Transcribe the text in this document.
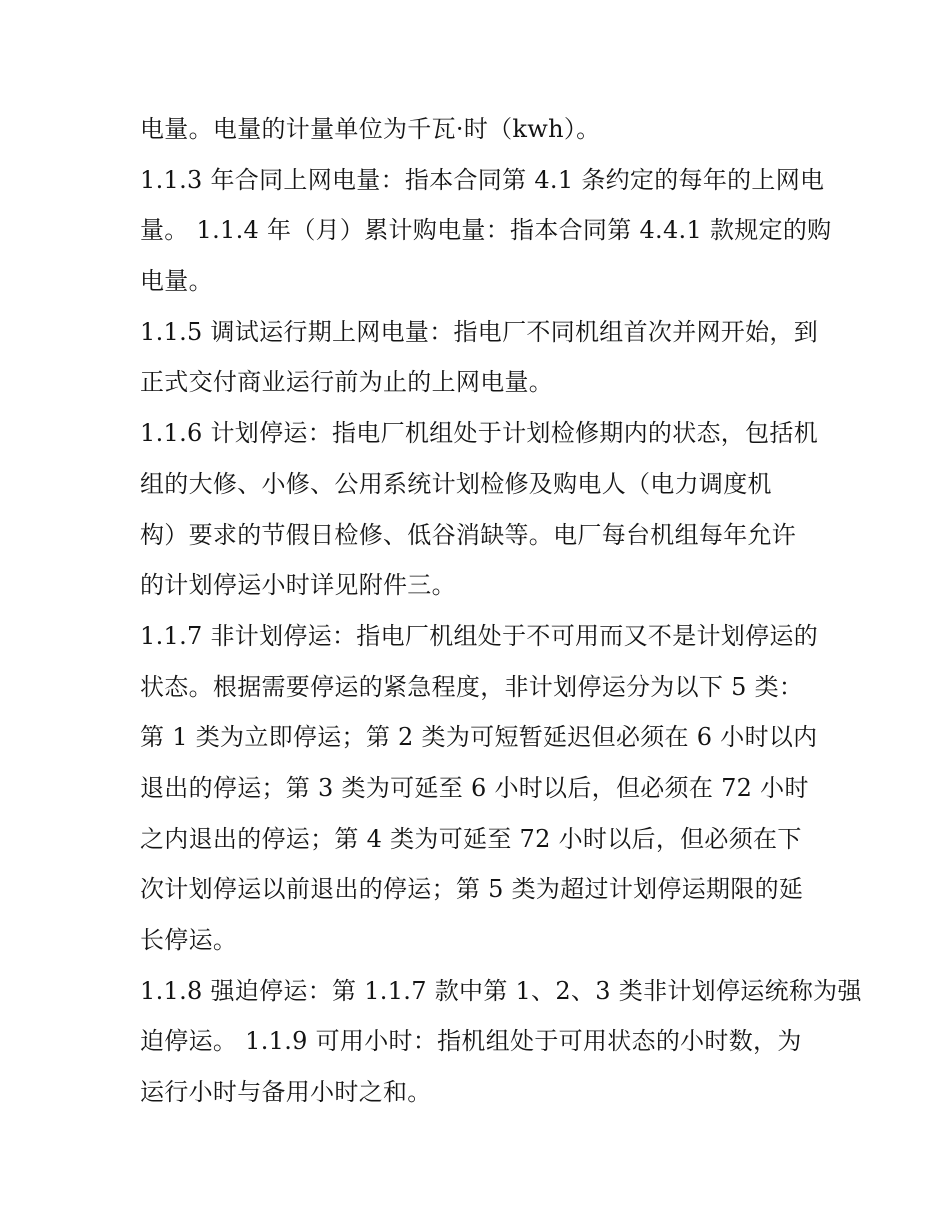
电量。电量的计量单位为千瓦·时（kwh）。
1.1.3 年合同上网电量：指本合同第 4.1 条约定的每年的上网电
量。 1.1.4 年（月）累计购电量：指本合同第 4.4.1 款规定的购
电量。
1.1.5 调试运行期上网电量：指电厂不同机组首次并网开始，到
正式交付商业运行前为止的上网电量。
1.1.6 计划停运：指电厂机组处于计划检修期内的状态，包括机
组的大修、小修、公用系统计划检修及购电人（电力调度机
构）要求的节假日检修、低谷消缺等。电厂每台机组每年允许
的计划停运小时详见附件三。
1.1.7 非计划停运：指电厂机组处于不可用而又不是计划停运的
状态。根据需要停运的紧急程度，非计划停运分为以下 5 类：
第 1 类为立即停运；第 2 类为可短暂延迟但必须在 6 小时以内
退出的停运；第 3 类为可延至 6 小时以后，但必须在 72 小时
之内退出的停运；第 4 类为可延至 72 小时以后，但必须在下
次计划停运以前退出的停运；第 5 类为超过计划停运期限的延
长停运。
1.1.8 强迫停运：第 1.1.7 款中第 1、2、3 类非计划停运统称为强
迫停运。 1.1.9 可用小时：指机组处于可用状态的小时数，为
运行小时与备用小时之和。
